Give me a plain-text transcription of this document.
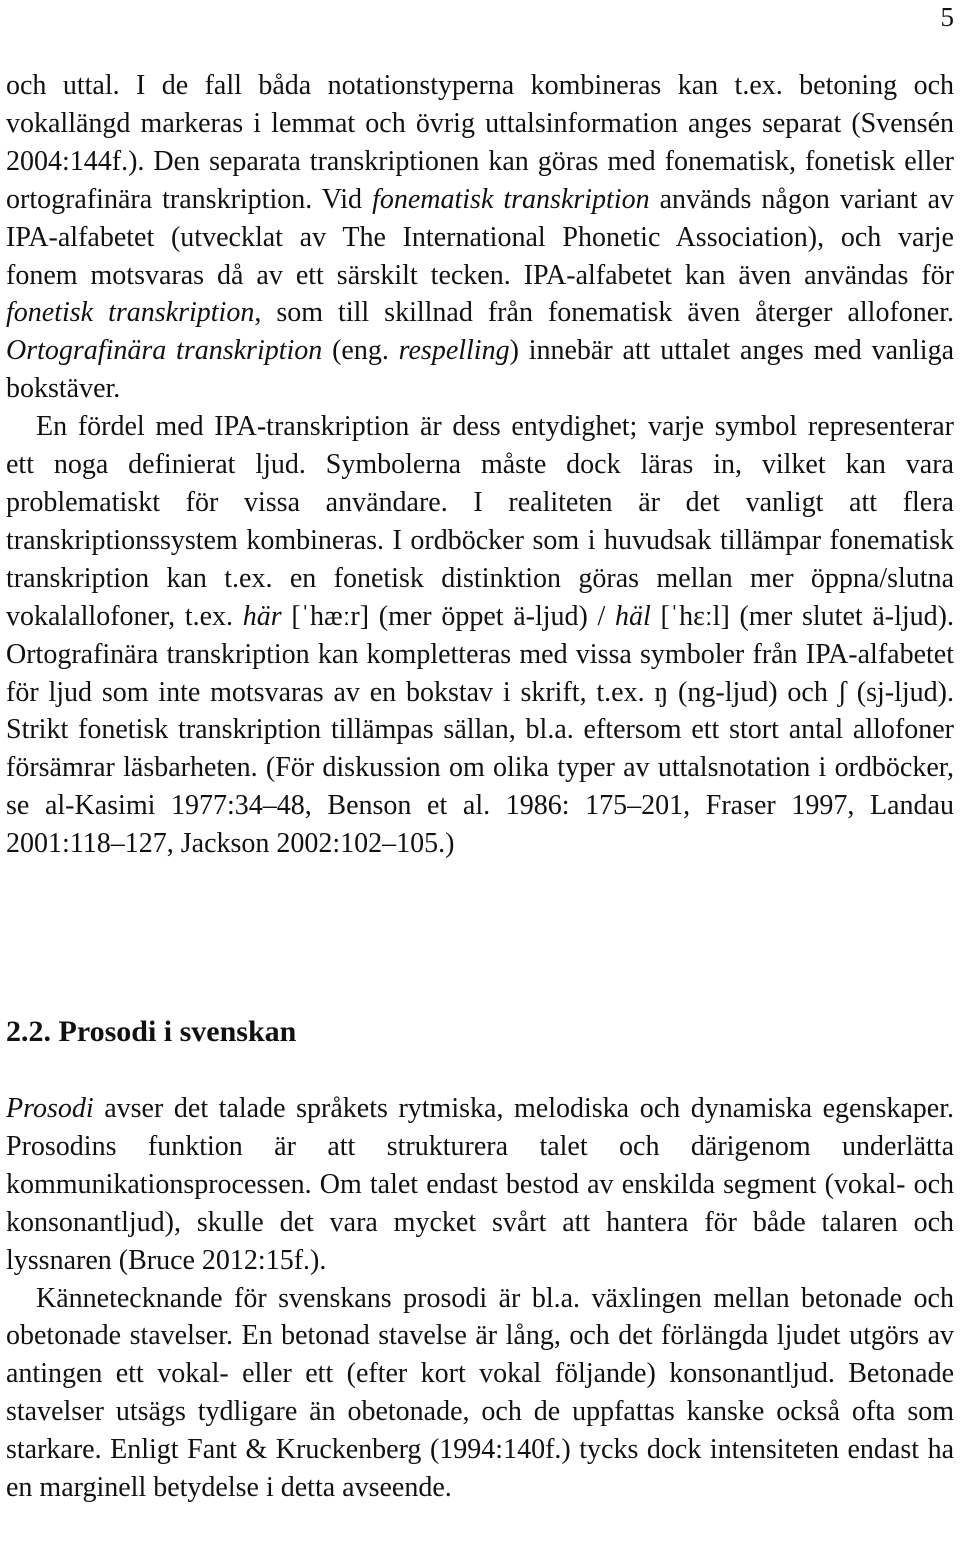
5

och uttal. I de fall båda notationstyperna kombineras kan t.ex. betoning och vokallängd markeras i lemmat och övrig uttalsinformation anges separat (Svensén 2004:144f.). Den separata transkriptionen kan göras med fonematisk, fonetisk eller ortografinära transkription. Vid fonematisk transkription används någon variant av IPA-alfabetet (utvecklat av The International Phonetic Association), och varje fonem motsvaras då av ett särskilt tecken. IPA-alfabetet kan även användas för fonetisk transkription, som till skillnad från fonematisk även återger allofoner. Ortografinära transkription (eng. respelling) innebär att uttalet anges med vanliga bokstäver.

En fördel med IPA-transkription är dess entydighet; varje symbol representerar ett noga definierat ljud. Symbolerna måste dock läras in, vilket kan vara problematiskt för vissa användare. I realiteten är det vanligt att flera transkriptionssystem kombineras. I ordböcker som i huvudsak tillämpar fonematisk transkription kan t.ex. en fonetisk distinktion göras mellan mer öppna/slutna vokalallofoner, t.ex. här [ˈhæːr] (mer öppet ä-ljud) / häl [ˈhɛːl] (mer slutet ä-ljud). Ortografinära transkription kan kompletteras med vissa symboler från IPA-alfabetet för ljud som inte motsvaras av en bokstav i skrift, t.ex. ŋ (ng-ljud) och ʃ (sj-ljud). Strikt fonetisk transkription tillämpas sällan, bl.a. eftersom ett stort antal allofoner försämrar läsbarheten. (För diskussion om olika typer av uttalsnotation i ordböcker, se al-Kasimi 1977:34–48, Benson et al. 1986: 175–201, Fraser 1997, Landau 2001:118–127, Jackson 2002:102–105.)

2.2. Prosodi i svenskan

Prosodi avser det talade språkets rytmiska, melodiska och dynamiska egenskaper. Prosodins funktion är att strukturera talet och därigenom underlätta kommunikationsprocessen. Om talet endast bestod av enskilda segment (vokal- och konsonantljud), skulle det vara mycket svårt att hantera för både talaren och lyssnaren (Bruce 2012:15f.).

Kännetecknande för svenskans prosodi är bl.a. växlingen mellan betonade och obetonade stavelser. En betonad stavelse är lång, och det förlängda ljudet utgörs av antingen ett vokal- eller ett (efter kort vokal följande) konsonantljud. Betonade stavelser utsägs tydligare än obetonade, och de uppfattas kanske också ofta som starkare. Enligt Fant & Kruckenberg (1994:140f.) tycks dock intensiteten endast ha en marginell betydelse i detta avseende.
